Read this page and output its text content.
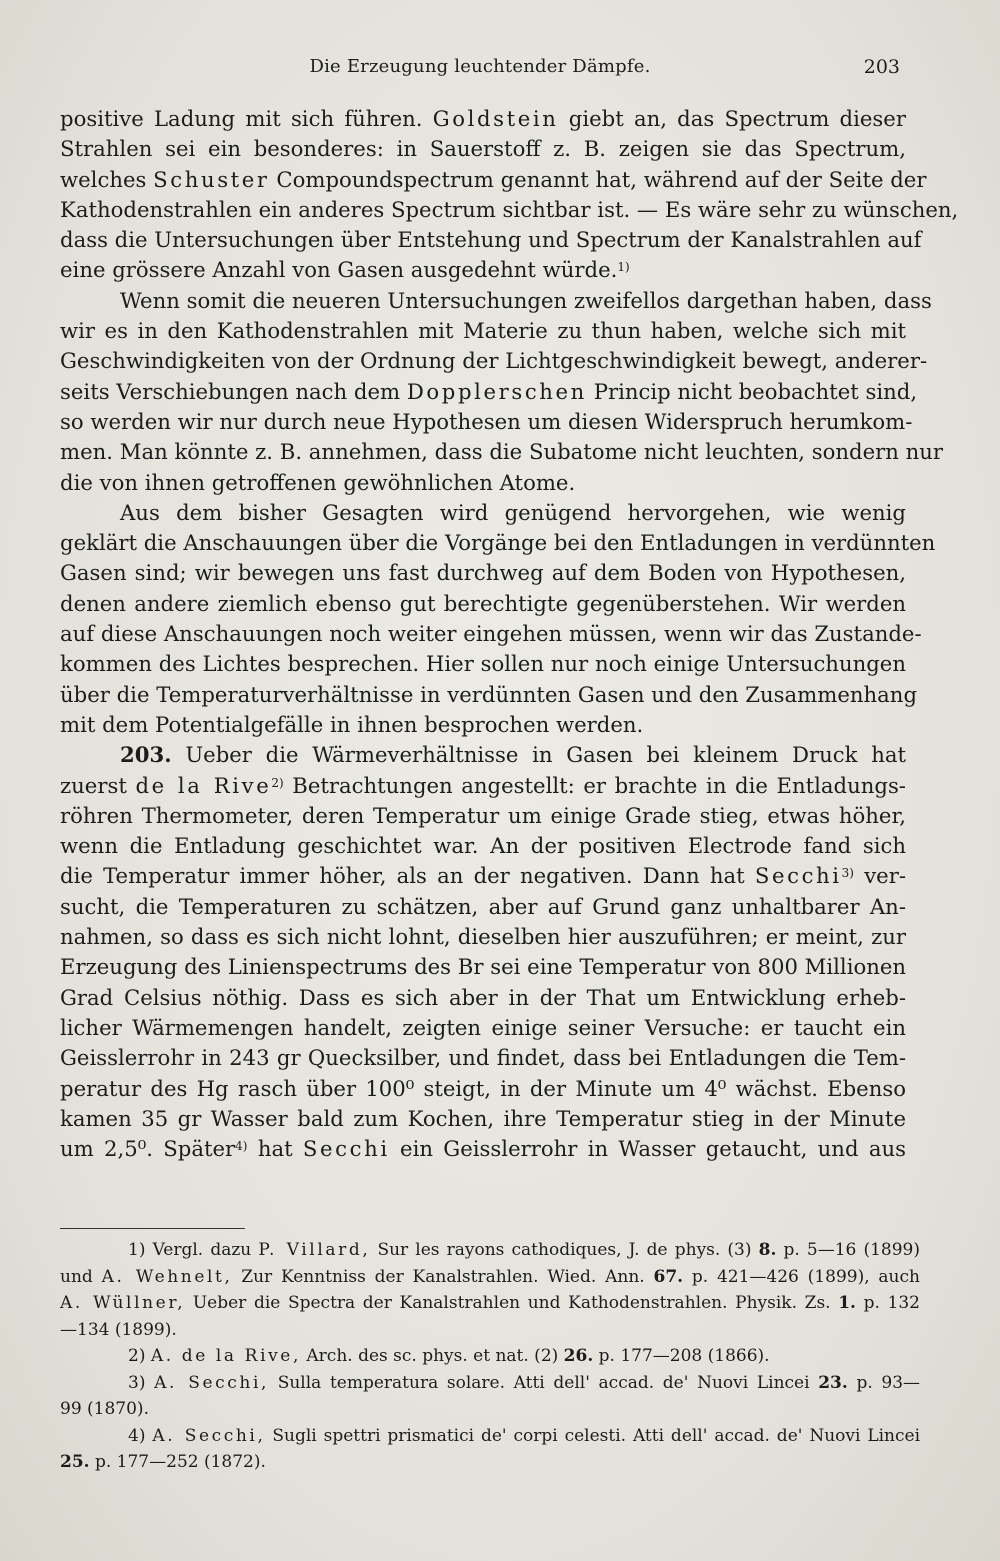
Die Erzeugung leuchtender Dämpfe.	203
positive Ladung mit sich führen. Goldstein giebt an, das Spectrum dieser
Strahlen sei ein besonderes: in Sauerstoff z. B. zeigen sie das Spectrum,
welches Schuster Compoundspectrum genannt hat, während auf der Seite der
Kathodenstrahlen ein anderes Spectrum sichtbar ist. — Es wäre sehr zu wünschen,
dass die Untersuchungen über Entstehung und Spectrum der Kanalstrahlen auf
eine grössere Anzahl von Gasen ausgedehnt würde.$^{1)}$
Wenn somit die neueren Untersuchungen zweifellos dargethan haben, dass
wir es in den Kathodenstrahlen mit Materie zu thun haben, welche sich mit
Geschwindigkeiten von der Ordnung der Lichtgeschwindigkeit bewegt, anderer-
seits Verschiebungen nach dem Dopplerschen Princip nicht beobachtet sind,
so werden wir nur durch neue Hypothesen um diesen Widerspruch herumkom-
men. Man könnte z. B. annehmen, dass die Subatome nicht leuchten, sondern nur
die von ihnen getroffenen gewöhnlichen Atome.
Aus dem bisher Gesagten wird genügend hervorgehen, wie wenig
geklärt die Anschauungen über die Vorgänge bei den Entladungen in verdünnten
Gasen sind; wir bewegen uns fast durchweg auf dem Boden von Hypothesen,
denen andere ziemlich ebenso gut berechtigte gegenüberstehen. Wir werden
auf diese Anschauungen noch weiter eingehen müssen, wenn wir das Zustande-
kommen des Lichtes besprechen. Hier sollen nur noch einige Untersuchungen
über die Temperaturverhältnisse in verdünnten Gasen und den Zusammenhang
mit dem Potentialgefälle in ihnen besprochen werden.
203. Ueber die Wärmeverhältnisse in Gasen bei kleinem Druck hat
zuerst de la Rive$^{2)}$ Betrachtungen angestellt: er brachte in die Entladungs-
röhren Thermometer, deren Temperatur um einige Grade stieg, etwas höher,
wenn die Entladung geschichtet war. An der positiven Electrode fand sich
die Temperatur immer höher, als an der negativen. Dann hat Secchi$^{3)}$ ver-
sucht, die Temperaturen zu schätzen, aber auf Grund ganz unhaltbarer An-
nahmen, so dass es sich nicht lohnt, dieselben hier auszuführen; er meint, zur
Erzeugung des Linienspectrums des Br sei eine Temperatur von 800 Millionen
Grad Celsius nöthig. Dass es sich aber in der That um Entwicklung erheb-
licher Wärmemengen handelt, zeigten einige seiner Versuche: er taucht ein
Geisslerrohr in 243 gr Quecksilber, und findet, dass bei Entladungen die Tem-
peratur des Hg rasch über 100⁰ steigt, in der Minute um 4⁰ wächst. Ebenso
kamen 35 gr Wasser bald zum Kochen, ihre Temperatur stieg in der Minute
um 2,5⁰. Später$^{4)}$ hat Secchi ein Geisslerrohr in Wasser getaucht, und aus
1) Vergl. dazu P. Villard, Sur les rayons cathodiques, J. de phys. (3) 8. p. 5—16 (1899)
und A. Wehnelt, Zur Kenntniss der Kanalstrahlen. Wied. Ann. 67. p. 421—426 (1899), auch
A. Wüllner, Ueber die Spectra der Kanalstrahlen und Kathodenstrahlen. Physik. Zs. 1. p. 132
—134 (1899).
2) A. de la Rive, Arch. des sc. phys. et nat. (2) 26. p. 177—208 (1866).
3) A. Secchi, Sulla temperatura solare. Atti dell' accad. de' Nuovi Lincei 23. p. 93—
99 (1870).
4) A. Secchi, Sugli spettri prismatici de' corpi celesti. Atti dell' accad. de' Nuovi Lincei
25. p. 177—252 (1872).
